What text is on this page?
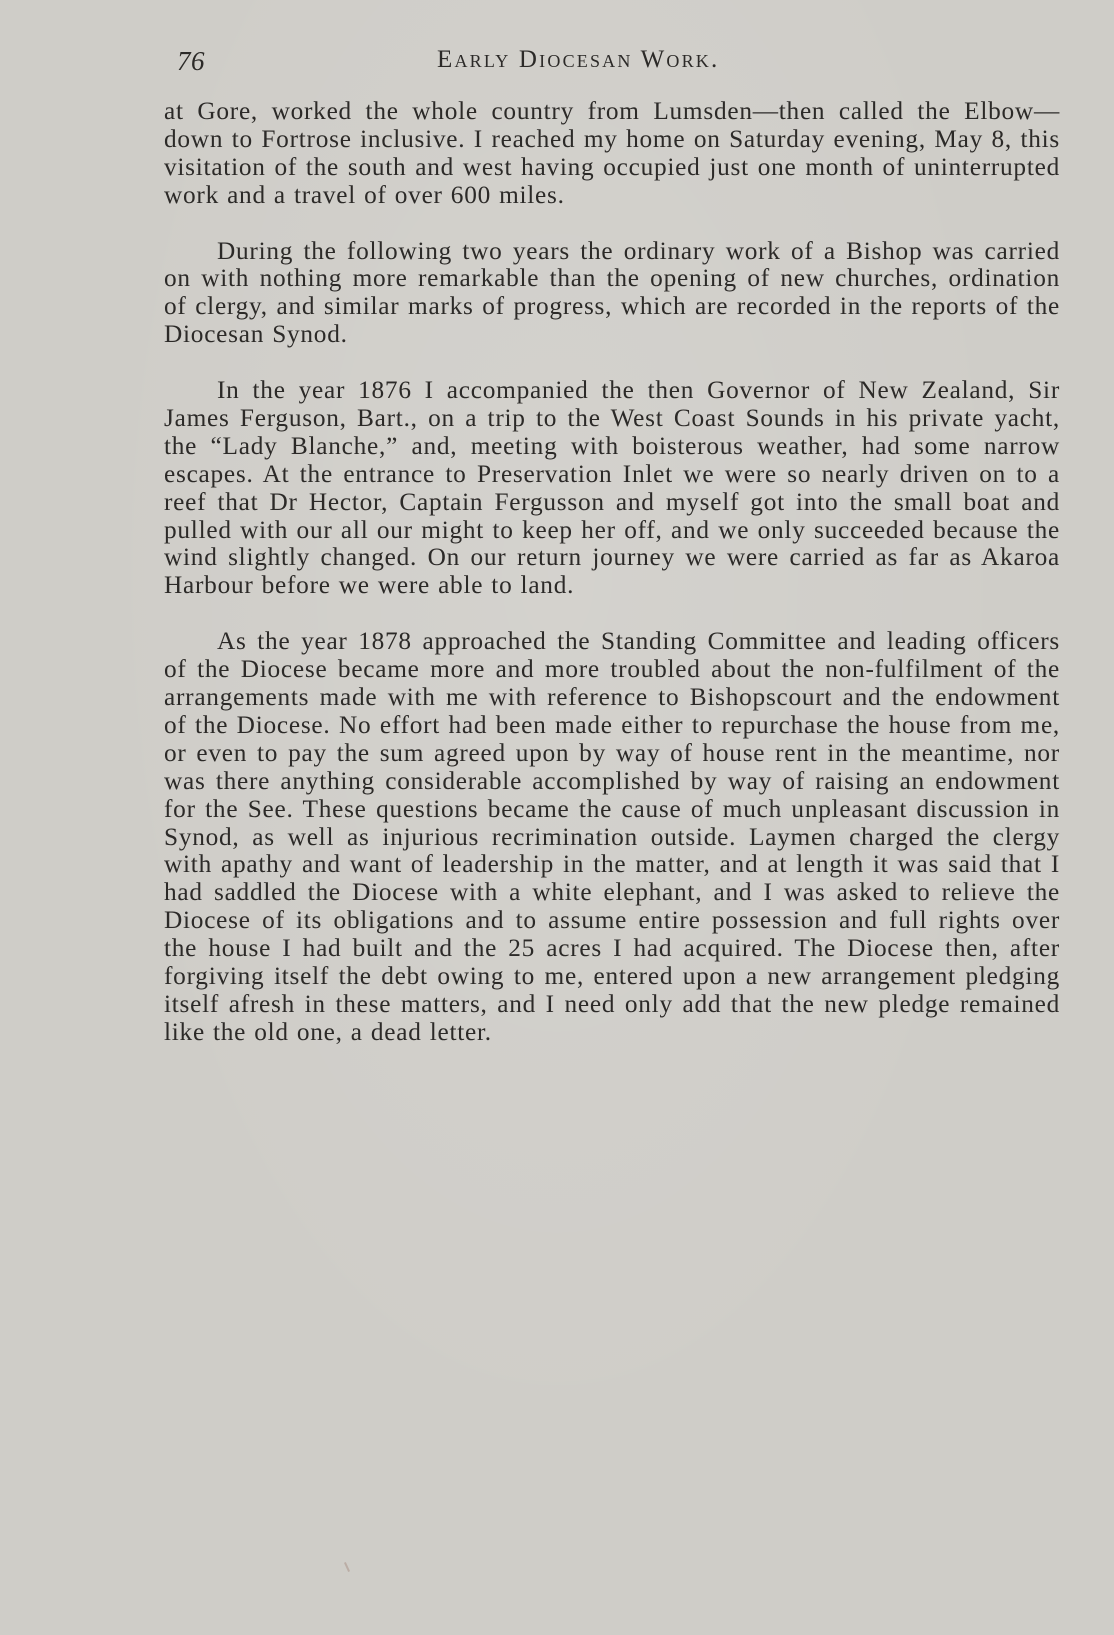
76	Early Diocesan Work.

at Gore, worked the whole country from Lumsden—then called the Elbow—down to Fortrose inclusive. I reached my home on Saturday evening, May 8, this visitation of the south and west having occupied just one month of uninterrupted work and a travel of over 600 miles.

During the following two years the ordinary work of a Bishop was carried on with nothing more remarkable than the opening of new churches, ordination of clergy, and similar marks of progress, which are recorded in the reports of the Diocesan Synod.

In the year 1876 I accompanied the then Governor of New Zealand, Sir James Ferguson, Bart., on a trip to the West Coast Sounds in his private yacht, the “Lady Blanche,” and, meeting with boisterous weather, had some narrow escapes. At the entrance to Preservation Inlet we were so nearly driven on to a reef that Dr Hector, Captain Fergusson and myself got into the small boat and pulled with our all our might to keep her off, and we only succeeded because the wind slightly changed. On our return journey we were carried as far as Akaroa Harbour before we were able to land.

As the year 1878 approached the Standing Committee and leading officers of the Diocese became more and more troubled about the non-fulfilment of the arrangements made with me with reference to Bishopscourt and the endowment of the Diocese. No effort had been made either to repurchase the house from me, or even to pay the sum agreed upon by way of house rent in the meantime, nor was there anything considerable accomplished by way of raising an endowment for the See. These questions became the cause of much unpleasant discussion in Synod, as well as injurious recrimination outside. Laymen charged the clergy with apathy and want of leadership in the matter, and at length it was said that I had saddled the Diocese with a white elephant, and I was asked to relieve the Diocese of its obligations and to assume entire possession and full rights over the house I had built and the 25 acres I had acquired. The Diocese then, after forgiving itself the debt owing to me, entered upon a new arrangement pledging itself afresh in these matters, and I need only add that the new pledge remained like the old one, a dead letter.
